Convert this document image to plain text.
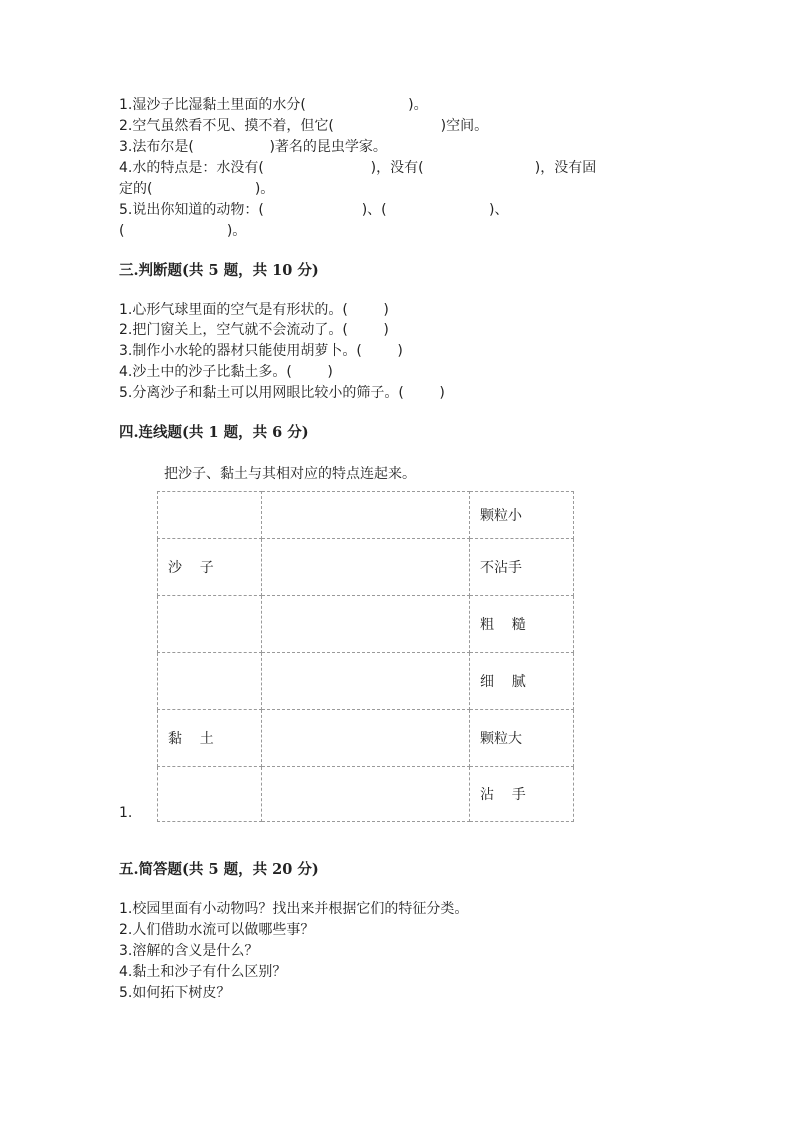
1.湿沙子比湿黏土里面的水分(                       )。
2.空气虽然看不见、摸不着，但它(                        )空间。
3.法布尔是(                 )著名的昆虫学家。
4.水的特点是：水没有(                        )，没有(                         )，没有固
定的(                       )。
5.说出你知道的动物：(                      )、(                       )、
(                       )。
三.判断题(共 5 题，共 10 分)
1.心形气球里面的空气是有形状的。(        )
2.把门窗关上，空气就不会流动了。(        )
3.制作小水轮的器材只能使用胡萝卜。(        )
4.沙土中的沙子比黏土多。(        )
5.分离沙子和黏土可以用网眼比较小的筛子。(        )
四.连线题(共 1 题，共 6 分)
把沙子、黏土与其相对应的特点连起来。
		颗粒小
沙    子		不沾手
		粗    糙
		细    腻
黏    土		颗粒大
		沾    手
1.
五.简答题(共 5 题，共 20 分)
1.校园里面有小动物吗？找出来并根据它们的特征分类。
2.人们借助水流可以做哪些事？
3.溶解的含义是什么？
4.黏土和沙子有什么区别？
5.如何拓下树皮？
